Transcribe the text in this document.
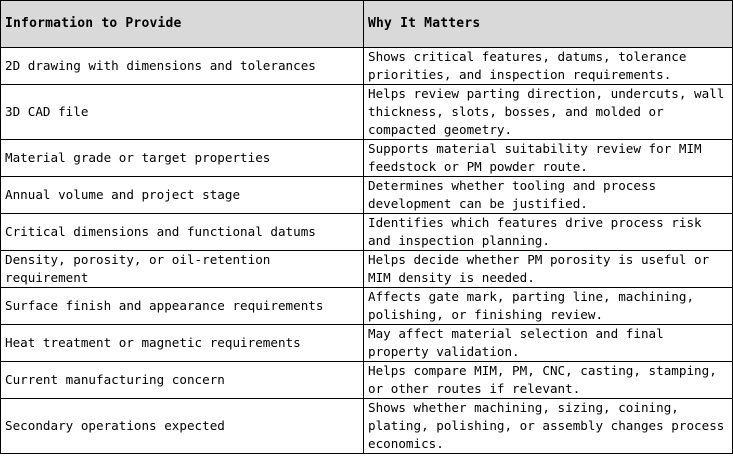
Information to Provide	Why It Matters
2D drawing with dimensions and tolerances	Shows critical features, datums, tolerance priorities, and inspection requirements.
3D CAD file	Helps review parting direction, undercuts, wall thickness, slots, bosses, and molded or compacted geometry.
Material grade or target properties	Supports material suitability review for MIM feedstock or PM powder route.
Annual volume and project stage	Determines whether tooling and process development can be justified.
Critical dimensions and functional datums	Identifies which features drive process risk and inspection planning.
Density, porosity, or oil-retention requirement	Helps decide whether PM porosity is useful or MIM density is needed.
Surface finish and appearance requirements	Affects gate mark, parting line, machining, polishing, or finishing review.
Heat treatment or magnetic requirements	May affect material selection and final property validation.
Current manufacturing concern	Helps compare MIM, PM, CNC, casting, stamping, or other routes if relevant.
Secondary operations expected	Shows whether machining, sizing, coining, plating, polishing, or assembly changes process economics.
